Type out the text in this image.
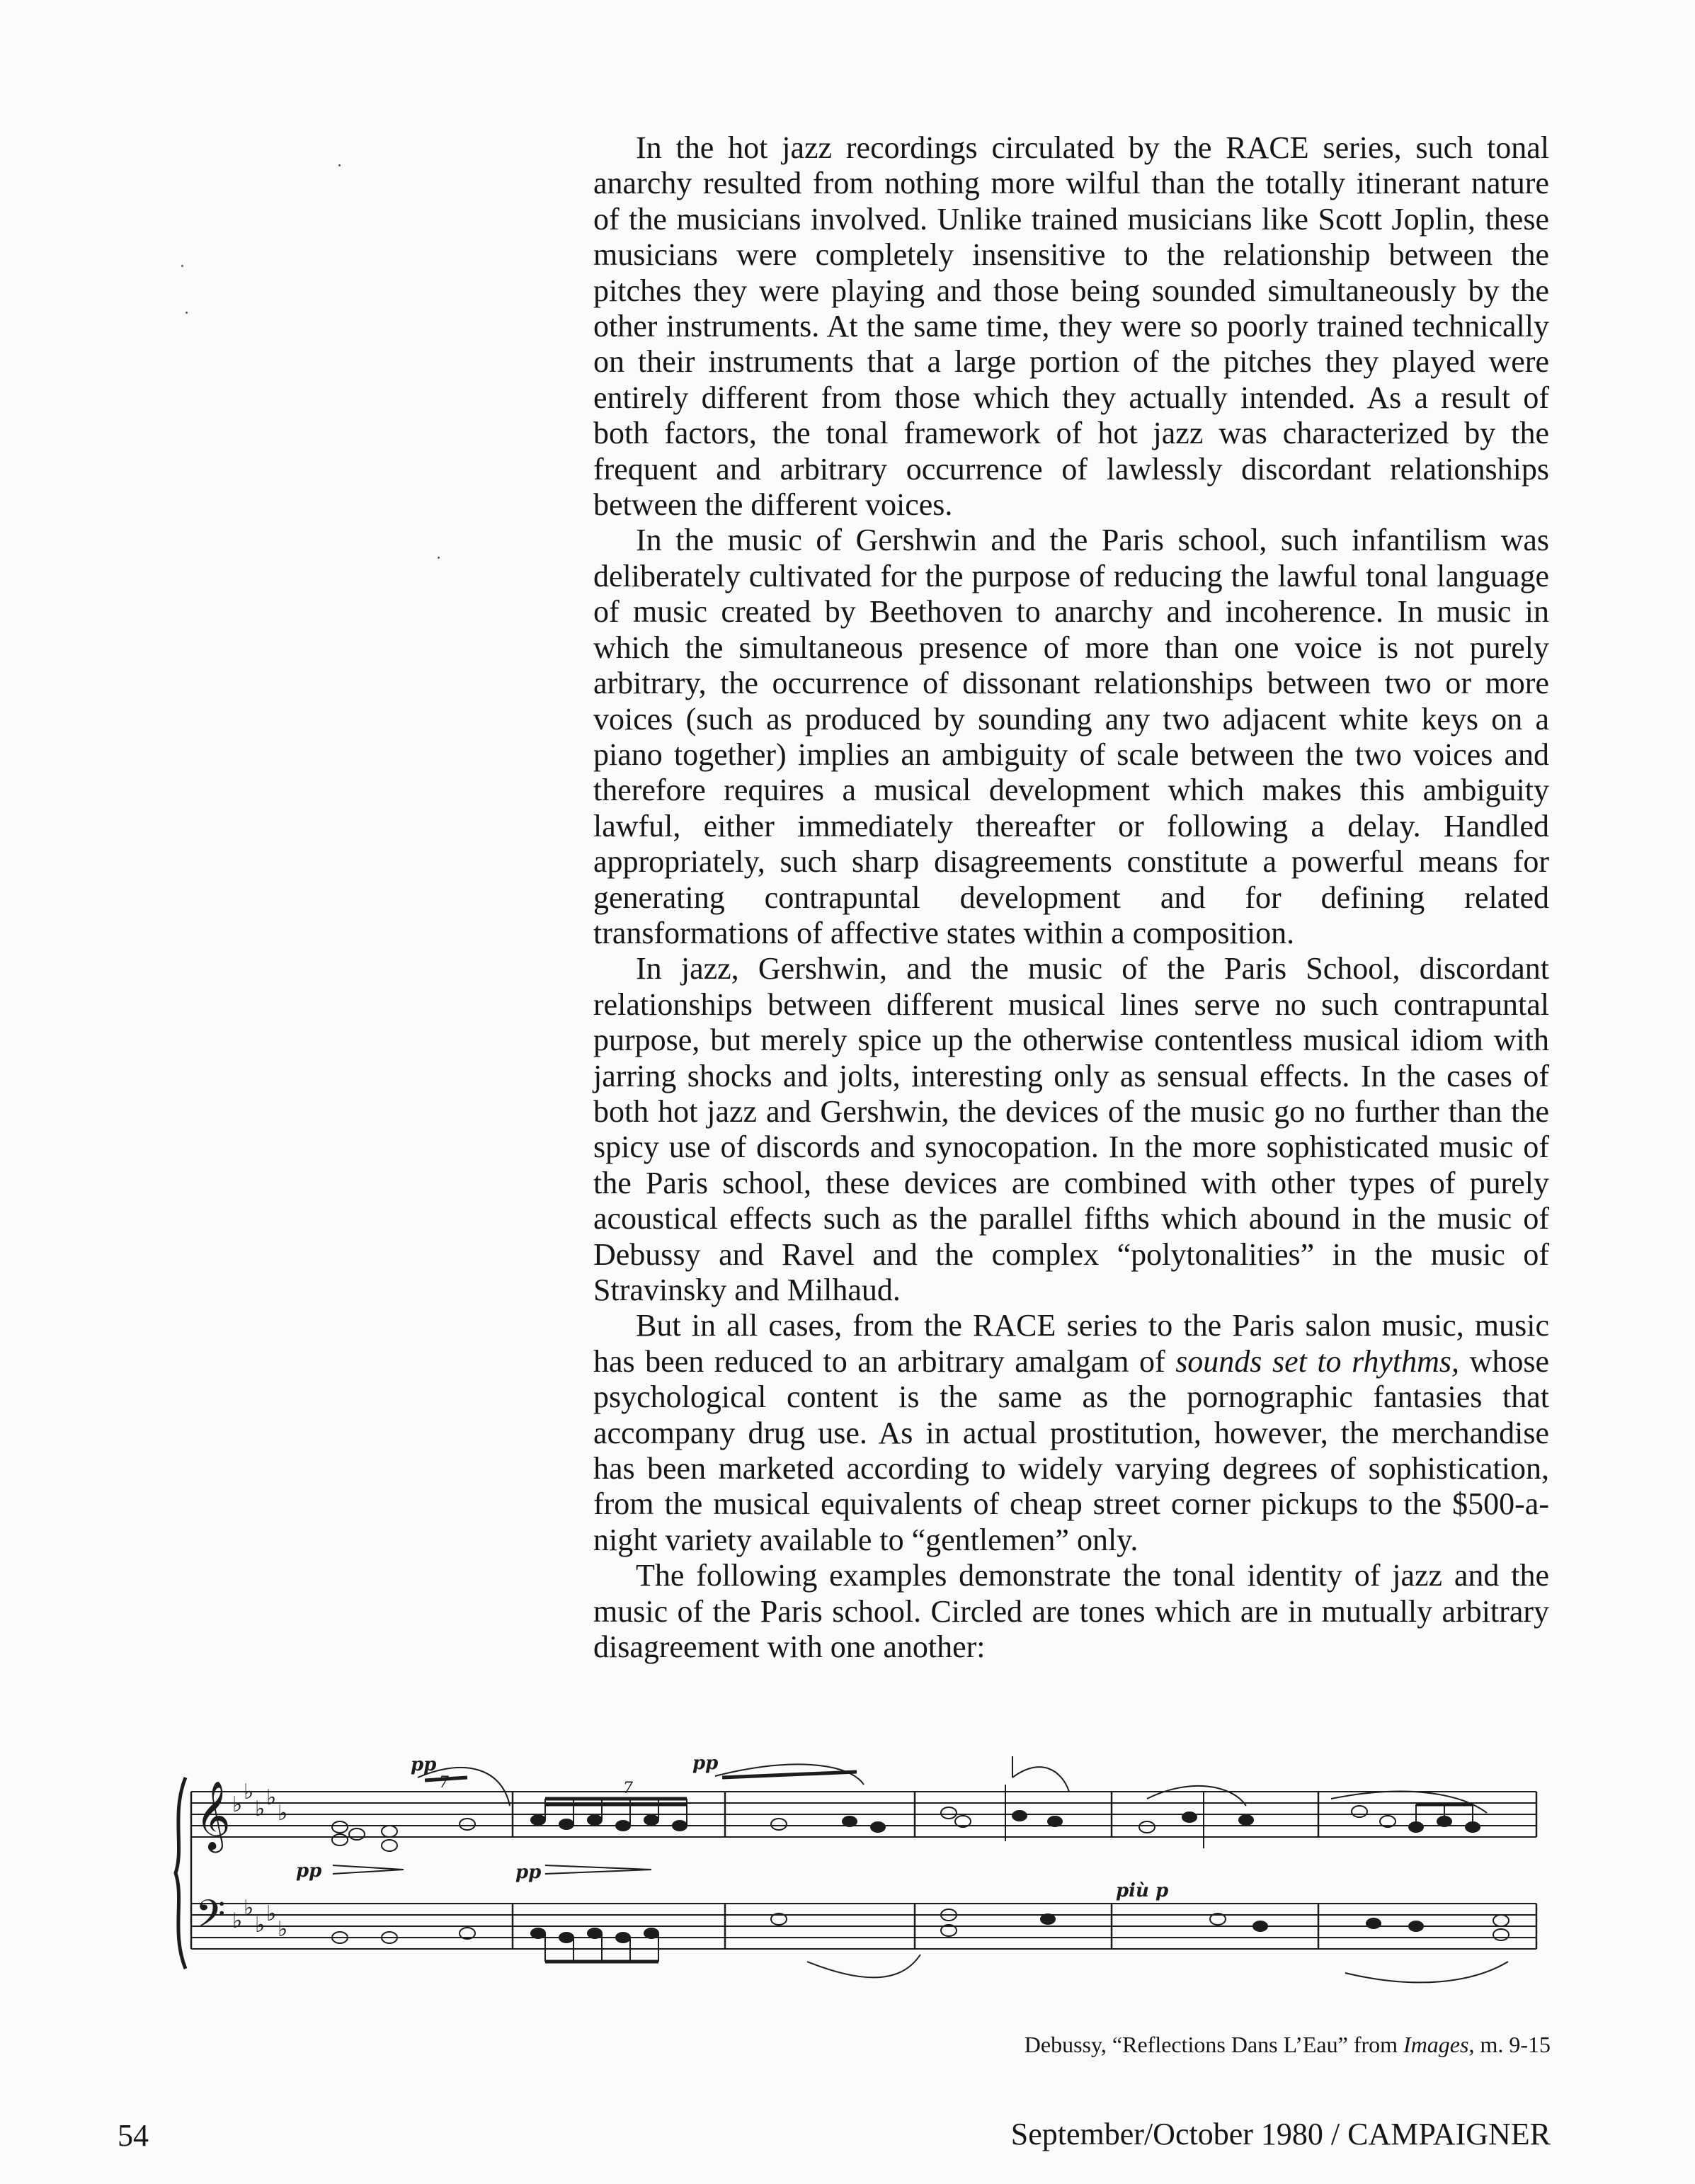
In the hot jazz recordings circulated by the RACE series, such tonal anarchy resulted from nothing more wilful than the totally itinerant nature of the musicians involved. Unlike trained musicians like Scott Joplin, these musicians were completely insensitive to the relationship between the pitches they were playing and those being sounded simultaneously by the other instruments. At the same time, they were so poorly trained technically on their instruments that a large portion of the pitches they played were entirely different from those which they actually intended. As a result of both factors, the tonal framework of hot jazz was characterized by the frequent and arbitrary occurrence of lawlessly discordant relationships between the different voices.

In the music of Gershwin and the Paris school, such infantilism was deliberately cultivated for the purpose of reducing the lawful tonal language of music created by Beethoven to anarchy and incoherence. In music in which the simultaneous presence of more than one voice is not purely arbitrary, the occurrence of dissonant relationships between two or more voices (such as produced by sounding any two adjacent white keys on a piano together) implies an ambiguity of scale between the two voices and therefore requires a musical development which makes this ambiguity lawful, either immediately thereafter or following a delay. Handled appropriately, such sharp disagreements constitute a powerful means for generating contrapuntal development and for defining related transformations of affective states within a composition.

In jazz, Gershwin, and the music of the Paris School, discordant relationships between different musical lines serve no such contrapuntal purpose, but merely spice up the otherwise contentless musical idiom with jarring shocks and jolts, interesting only as sensual effects. In the cases of both hot jazz and Gershwin, the devices of the music go no further than the spicy use of discords and synocopation. In the more sophisticated music of the Paris school, these devices are combined with other types of purely acoustical effects such as the parallel fifths which abound in the music of Debussy and Ravel and the complex “polytonalities” in the music of Stravinsky and Milhaud.

But in all cases, from the RACE series to the Paris salon music, music has been reduced to an arbitrary amalgam of sounds set to rhythms, whose psychological content is the same as the pornographic fantasies that accompany drug use. As in actual prostitution, however, the merchandise has been marketed according to widely varying degrees of sophistication, from the musical equivalents of cheap street corner pickups to the $500-a-night variety available to “gentlemen” only.

The following examples demonstrate the tonal identity of jazz and the music of the Paris school. Circled are tones which are in mutually arbitrary disagreement with one another:

𝄞
𝄢
♭
♭
♭ ♭
♭
♭
♭
♭ ♭
♭
pp	pp
pp	pp
più p
7	7
Debussy, “Reflections Dans L’Eau” from Images, m. 9-15
54	September/October 1980 / CAMPAIGNER
